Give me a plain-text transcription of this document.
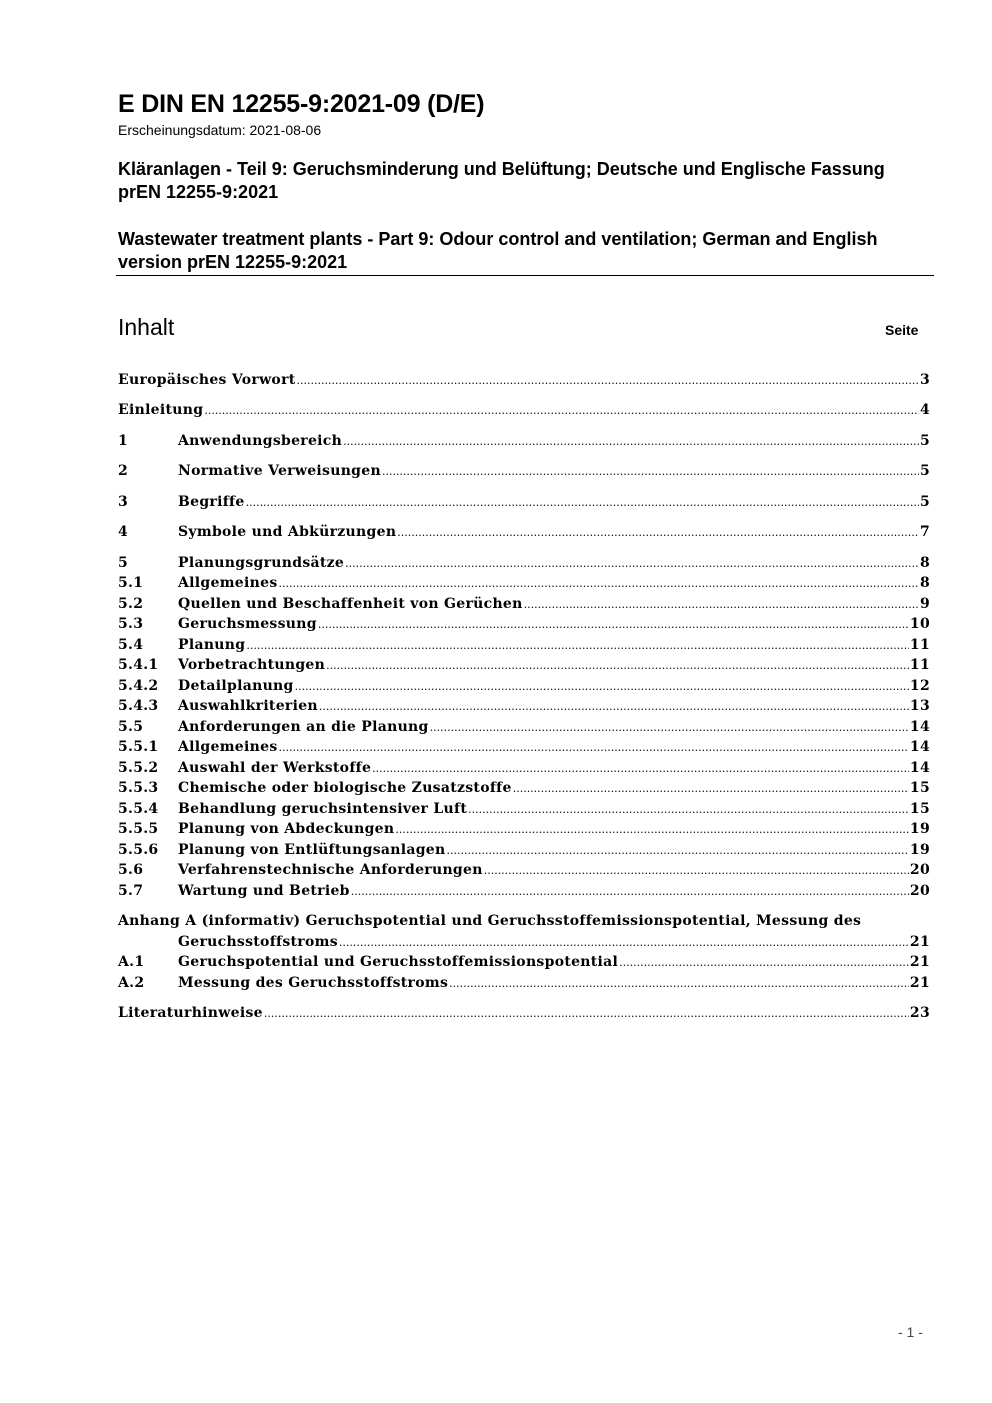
E DIN EN 12255-9:2021-09 (D/E)
Erscheinungsdatum: 2021-08-06
Kläranlagen - Teil 9: Geruchsminderung und Belüftung; Deutsche und Englische Fassung prEN 12255-9:2021
Wastewater treatment plants - Part 9: Odour control and ventilation; German and English version prEN 12255-9:2021
Inhalt	Seite
Europäisches Vorwort .....	3
Einleitung .....	4
1	Anwendungsbereich .....	5
2	Normative Verweisungen .....	5
3	Begriffe .....	5
4	Symbole und Abkürzungen .....	7
5	Planungsgrundsätze .....	8
5.1	Allgemeines .....	8
5.2	Quellen und Beschaffenheit von Gerüchen .....	9
5.3	Geruchsmessung .....	10
5.4	Planung .....	11
5.4.1	Vorbetrachtungen .....	11
5.4.2	Detailplanung .....	12
5.4.3	Auswahlkriterien .....	13
5.5	Anforderungen an die Planung .....	14
5.5.1	Allgemeines .....	14
5.5.2	Auswahl der Werkstoffe .....	14
5.5.3	Chemische oder biologische Zusatzstoffe .....	15
5.5.4	Behandlung geruchsintensiver Luft .....	15
5.5.5	Planung von Abdeckungen .....	19
5.5.6	Planung von Entlüftungsanlagen .....	19
5.6	Verfahrenstechnische Anforderungen .....	20
5.7	Wartung und Betrieb .....	20
Anhang A (informativ) Geruchspotential und Geruchsstoffemissionspotential, Messung des
Geruchsstoffstroms .....	21
A.1	Geruchspotential und Geruchsstoffemissionspotential .....	21
A.2	Messung des Geruchsstoffstroms .....	21
Literaturhinweise .....	23
- 1 -
